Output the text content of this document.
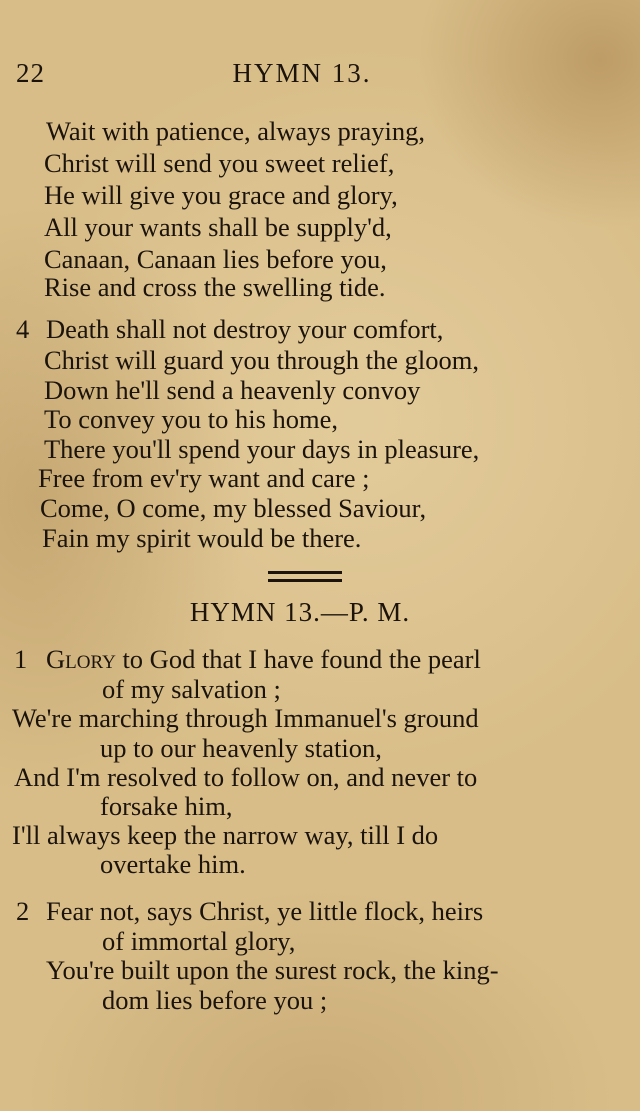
22	HYMN 13.
Wait with patience, always praying,
Christ will send you sweet relief,
He will give you grace and glory,
All your wants shall be supply'd,
Canaan, Canaan lies before you,
Rise and cross the swelling tide.
4 Death shall not destroy your comfort,
Christ will guard you through the gloom,
Down he'll send a heavenly convoy
To convey you to his home,
There you'll spend your days in pleasure,
Free from ev'ry want and care ;
Come, O come, my blessed Saviour,
Fain my spirit would be there.
HYMN 13.—P. M.
1 Glory to God that I have found the pearl
of my salvation ;
We're marching through Immanuel's ground
up to our heavenly station,
And I'm resolved to follow on, and never to
forsake him,
I'll always keep the narrow way, till I do
overtake him.
2 Fear not, says Christ, ye little flock, heirs
of immortal glory,
You're built upon the surest rock, the king-
dom lies before you ;
